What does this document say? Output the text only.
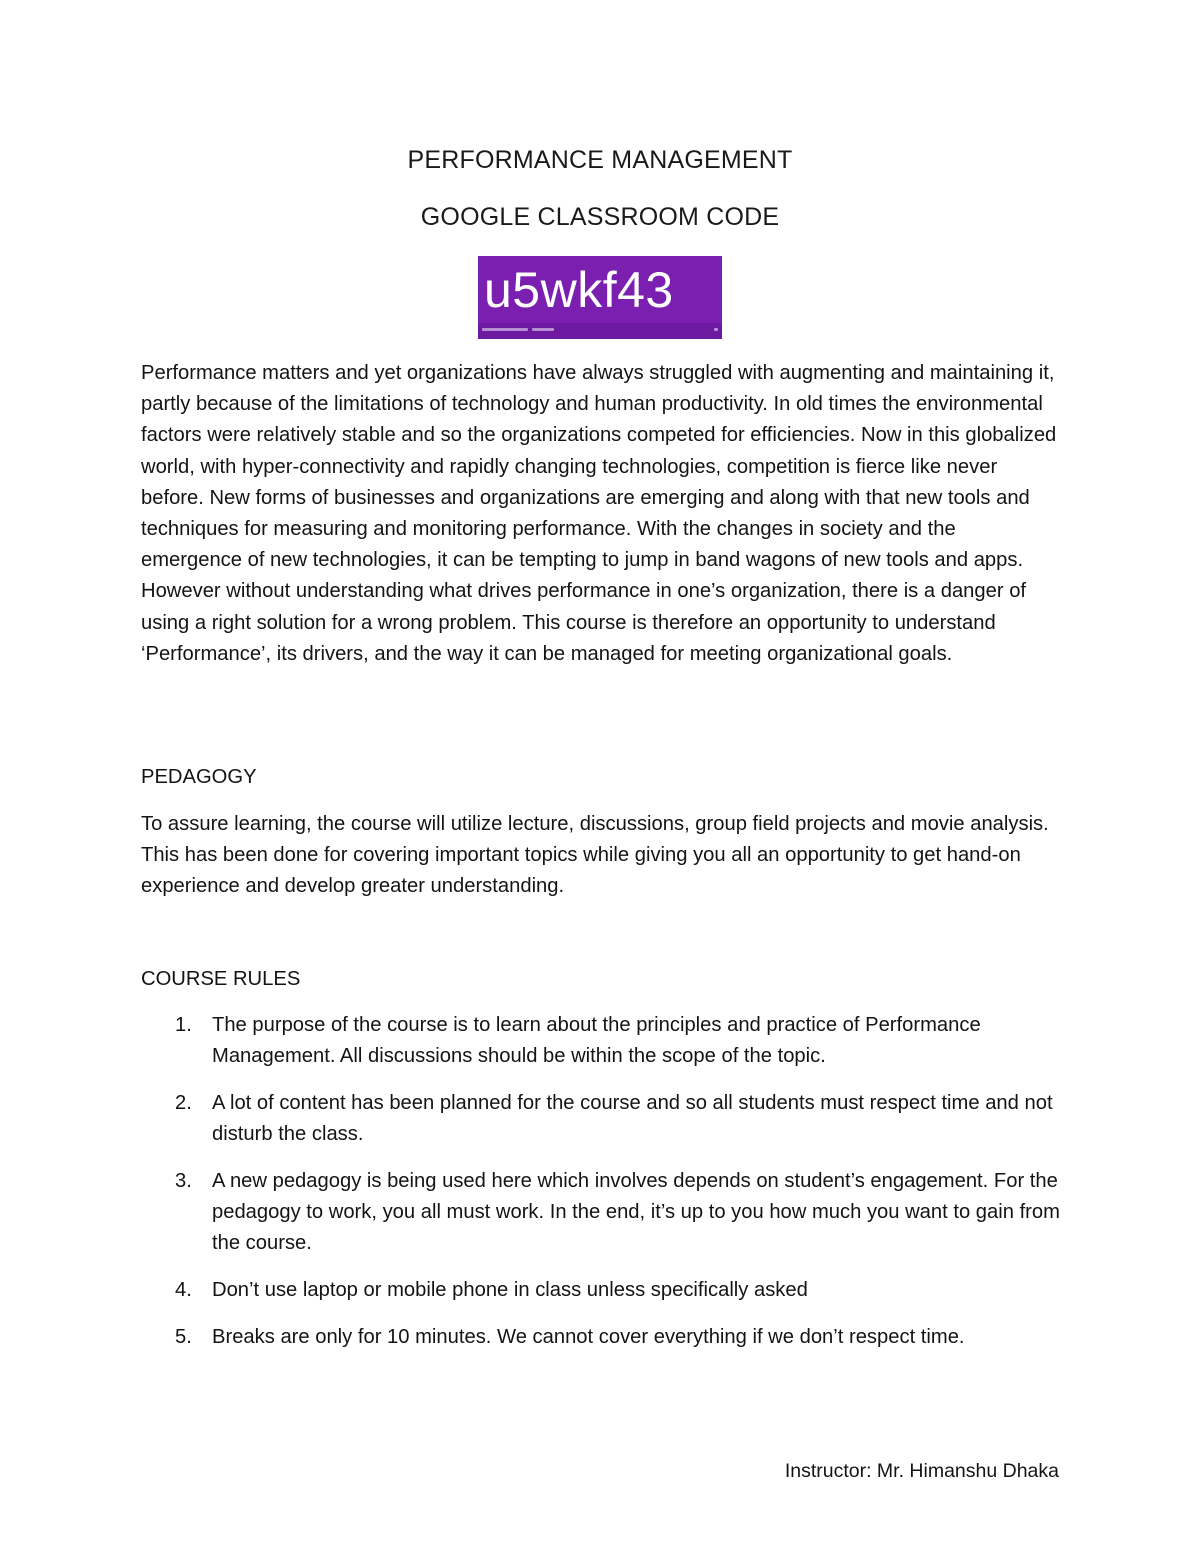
PERFORMANCE MANAGEMENT
GOOGLE CLASSROOM CODE
u5wkf43
Performance matters and yet organizations have always struggled with augmenting and maintaining it, partly because of the limitations of technology and human productivity. In old times the environmental factors were relatively stable and so the organizations competed for efficiencies. Now in this globalized world, with hyper-connectivity and rapidly changing technologies, competition is fierce like never before. New forms of businesses and organizations are emerging and along with that new tools and techniques for measuring and monitoring performance. With the changes in society and the emergence of new technologies, it can be tempting to jump in band wagons of new tools and apps. However without understanding what drives performance in one’s organization, there is a danger of using a right solution for a wrong problem. This course is therefore an opportunity to understand ‘Performance’, its drivers, and the way it can be managed for meeting organizational goals.
PEDAGOGY
To assure learning, the course will utilize lecture, discussions, group field projects and movie analysis. This has been done for covering important topics while giving you all an opportunity to get hand-on experience and develop greater understanding.
COURSE RULES
1. The purpose of the course is to learn about the principles and practice of Performance Management. All discussions should be within the scope of the topic.
2. A lot of content has been planned for the course and so all students must respect time and not disturb the class.
3. A new pedagogy is being used here which involves depends on student’s engagement. For the pedagogy to work, you all must work. In the end, it’s up to you how much you want to gain from the course.
4. Don’t use laptop or mobile phone in class unless specifically asked
5. Breaks are only for 10 minutes. We cannot cover everything if we don’t respect time.
Instructor: Mr. Himanshu Dhaka
